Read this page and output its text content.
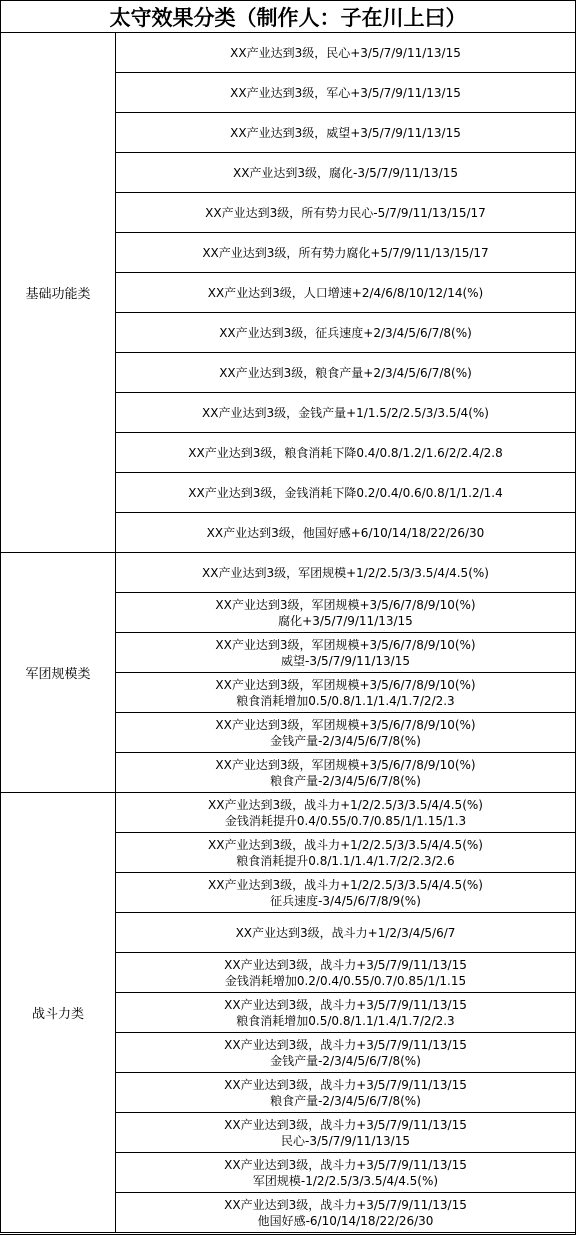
太守效果分类（制作人：子在川上曰）
XX产业达到3级，民心+3/5/7/9/11/13/15
XX产业达到3级，军心+3/5/7/9/11/13/15
XX产业达到3级，威望+3/5/7/9/11/13/15
XX产业达到3级，腐化-3/5/7/9/11/13/15
XX产业达到3级，所有势力民心-5/7/9/11/13/15/17
XX产业达到3级，所有势力腐化+5/7/9/11/13/15/17
XX产业达到3级，人口增速+2/4/6/8/10/12/14(%)
XX产业达到3级，征兵速度+2/3/4/5/6/7/8(%)
XX产业达到3级，粮食产量+2/3/4/5/6/7/8(%)
XX产业达到3级，金钱产量+1/1.5/2/2.5/3/3.5/4(%)
XX产业达到3级，粮食消耗下降0.4/0.8/1.2/1.6/2/2.4/2.8
XX产业达到3级，金钱消耗下降0.2/0.4/0.6/0.8/1/1.2/1.4
XX产业达到3级，他国好感+6/10/14/18/22/26/30
基础功能类
XX产业达到3级，军团规模+1/2/2.5/3/3.5/4/4.5(%)
XX产业达到3级，军团规模+3/5/6/7/8/9/10(%)
腐化+3/5/7/9/11/13/15
XX产业达到3级，军团规模+3/5/6/7/8/9/10(%)
威望-3/5/7/9/11/13/15
XX产业达到3级，军团规模+3/5/6/7/8/9/10(%)
粮食消耗增加0.5/0.8/1.1/1.4/1.7/2/2.3
XX产业达到3级，军团规模+3/5/6/7/8/9/10(%)
金钱产量-2/3/4/5/6/7/8(%)
XX产业达到3级，军团规模+3/5/6/7/8/9/10(%)
粮食产量-2/3/4/5/6/7/8(%)
军团规模类
XX产业达到3级，战斗力+1/2/2.5/3/3.5/4/4.5(%)
金钱消耗提升0.4/0.55/0.7/0.85/1/1.15/1.3
XX产业达到3级，战斗力+1/2/2.5/3/3.5/4/4.5(%)
粮食消耗提升0.8/1.1/1.4/1.7/2/2.3/2.6
XX产业达到3级，战斗力+1/2/2.5/3/3.5/4/4.5(%)
征兵速度-3/4/5/6/7/8/9(%)
XX产业达到3级，战斗力+1/2/3/4/5/6/7
XX产业达到3级，战斗力+3/5/7/9/11/13/15
金钱消耗增加0.2/0.4/0.55/0.7/0.85/1/1.15
XX产业达到3级，战斗力+3/5/7/9/11/13/15
粮食消耗增加0.5/0.8/1.1/1.4/1.7/2/2.3
XX产业达到3级，战斗力+3/5/7/9/11/13/15
金钱产量-2/3/4/5/6/7/8(%)
XX产业达到3级，战斗力+3/5/7/9/11/13/15
粮食产量-2/3/4/5/6/7/8(%)
XX产业达到3级，战斗力+3/5/7/9/11/13/15
民心-3/5/7/9/11/13/15
XX产业达到3级，战斗力+3/5/7/9/11/13/15
军团规模-1/2/2.5/3/3.5/4/4.5(%)
XX产业达到3级，战斗力+3/5/7/9/11/13/15
他国好感-6/10/14/18/22/26/30
战斗力类
